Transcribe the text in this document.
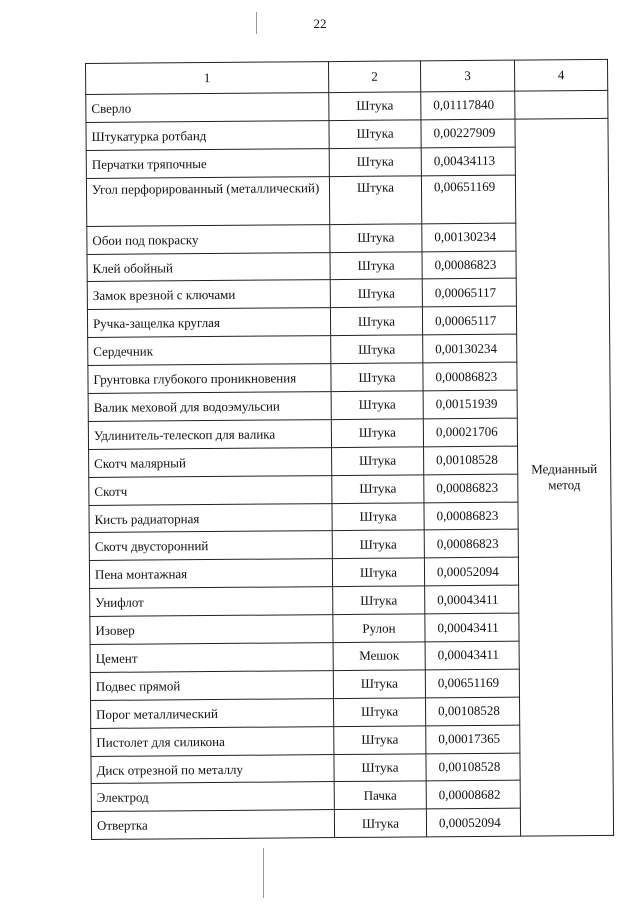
22
1	2	3	4
Сверло	Штука	0,01117840	
Штукатурка ротбанд	Штука	0,00227909	Медианный метод
Перчатки тряпочные	Штука	0,00434113	
Угол перфорированный (металлический)	Штука	0,00651169	
Обои под покраску	Штука	0,00130234	
Клей обойный	Штука	0,00086823	
Замок врезной с ключами	Штука	0,00065117	
Ручка-защелка круглая	Штука	0,00065117	
Сердечник	Штука	0,00130234	
Грунтовка глубокого проникновения	Штука	0,00086823	
Валик меховой для водоэмульсии	Штука	0,00151939	
Удлинитель-телескоп для валика	Штука	0,00021706	
Скотч малярный	Штука	0,00108528	
Скотч	Штука	0,00086823	
Кисть радиаторная	Штука	0,00086823	
Скотч двусторонний	Штука	0,00086823	
Пена монтажная	Штука	0,00052094	
Унифлот	Штука	0,00043411	
Изовер	Рулон	0,00043411	
Цемент	Мешок	0,00043411	
Подвес прямой	Штука	0,00651169	
Порог металлический	Штука	0,00108528	
Пистолет для силикона	Штука	0,00017365	
Диск отрезной по металлу	Штука	0,00108528	
Электрод	Пачка	0,00008682	
Отвертка	Штука	0,00052094	
